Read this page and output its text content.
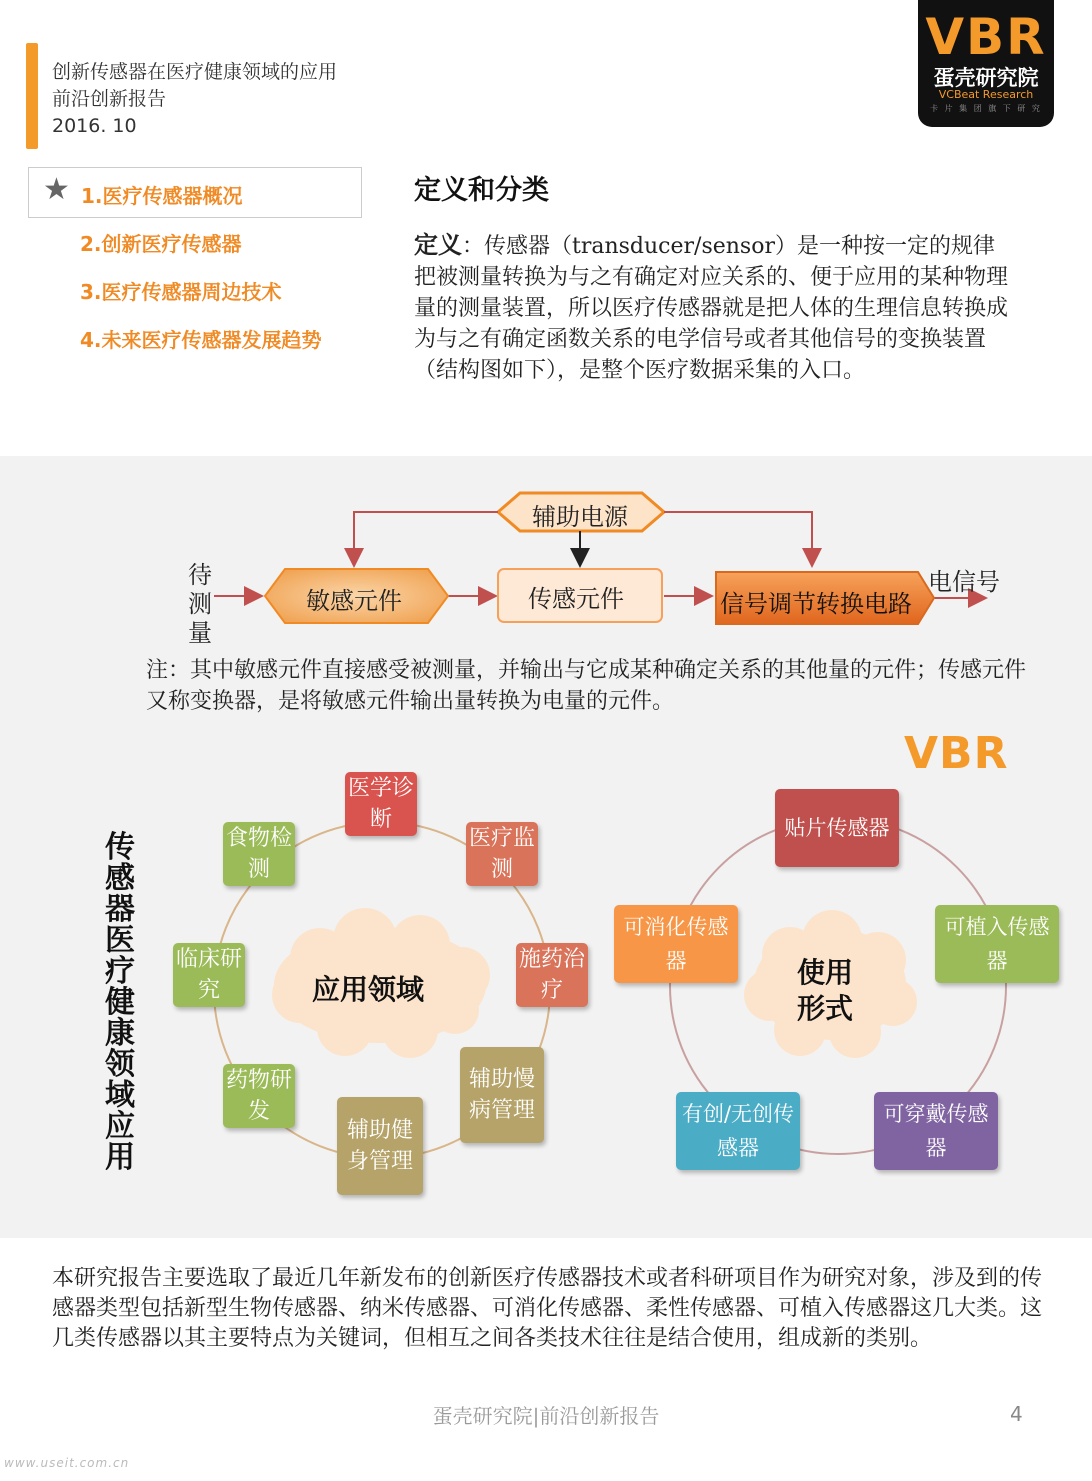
创新传感器在医疗健康领域的应用
前沿创新报告
2016. 10
VBR
蛋壳研究院
VCBeat Research
卡 片 集 团 旗 下 研 究
★ 1.医疗传感器概况
2.创新医疗传感器
3.医疗传感器周边技术
4.未来医疗传感器发展趋势
定义和分类
定义：传感器（transducer/sensor）是一种按一定的规律把被测量转换为与之有确定对应关系的、便于应用的某种物理量的测量装置，所以医疗传感器就是把人体的生理信息转换成为与之有确定函数关系的电学信号或者其他信号的变换装置（结构图如下），是整个医疗数据采集的入口。
辅助电源
待测量
敏感元件	传感元件	信号调节转换电路
电信号
注：其中敏感元件直接感受被测量，并输出与它成某种确定关系的其他量的元件；传感元件又称变换器，是将敏感元件输出量转换为电量的元件。
VBR
传感器医疗健康领域应用
应用领域
使用形式
医学诊断
医疗监测
施药治疗
辅助慢病管理
辅助健身管理
药物研发
临床研究
食物检测
贴片传感器
可植入传感器
可穿戴传感器
有创/无创传感器
可消化传感器
本研究报告主要选取了最近几年新发布的创新医疗传感器技术或者科研项目作为研究对象，涉及到的传感器类型包括新型生物传感器、纳米传感器、可消化传感器、柔性传感器、可植入传感器这几大类。这几类传感器以其主要特点为关键词，但相互之间各类技术往往是结合使用，组成新的类别。
蛋壳研究院|前沿创新报告	4
www.useit.com.cn
